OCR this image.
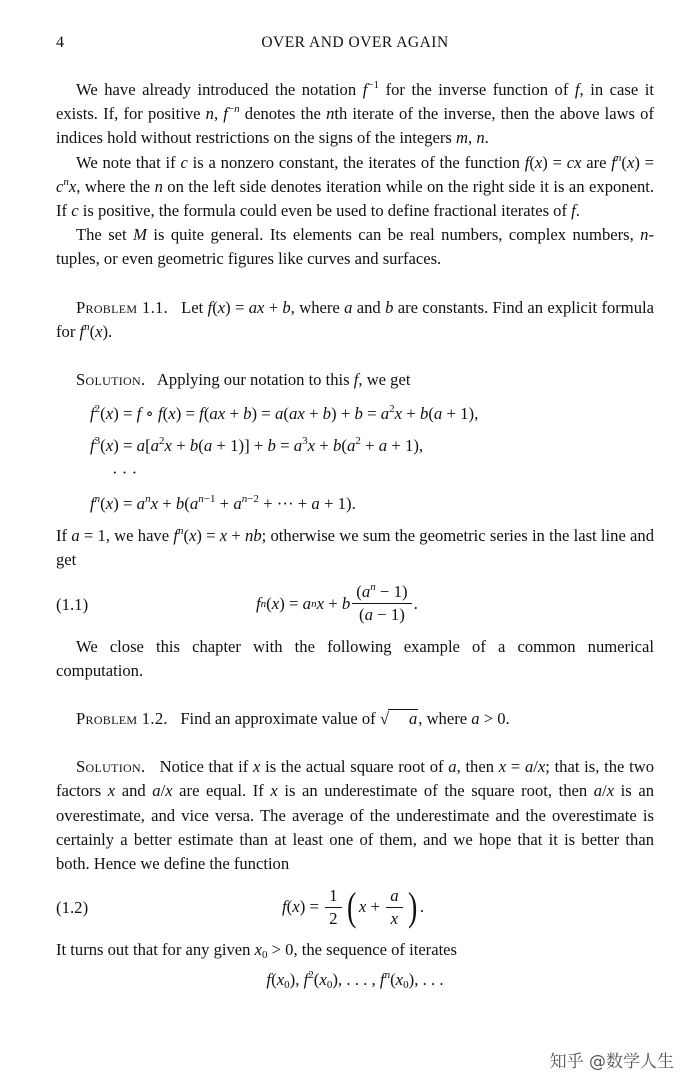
4	OVER AND OVER AGAIN

We have already introduced the notation $f^{-1}$ for the inverse function of f, in case it exists. If, for positive n, $f^{-n}$ denotes the nth iterate of the inverse, then the above laws of indices hold without restrictions on the signs of the integers m, n.

We note that if c is a nonzero constant, the iterates of the function f(x) = cx are $f^n(x) = c^nx$, where the n on the left side denotes iteration while on the right side it is an exponent. If c is positive, the formula could even be used to define fractional iterates of f.

The set M is quite general. Its elements can be real numbers, complex numbers, n-tuples, or even geometric figures like curves and surfaces.

Problem 1.1.   Let f(x) = ax + b, where a and b are constants. Find an explicit formula for $f^n(x)$.

Solution.   Applying our notation to this f, we get

$f^2(x) = f$ ∘ $f(x) = f(ax + b) = a(ax + b) + b = a^2x + b(a + 1)$,
$f^3(x) = a[a^2x + b(a + 1)] + b = a^3x + b(a^2 + a + 1)$,
· · ·
$f^n(x) = a^nx + b(a^{n-1} + a^{n-2}$ + ··· + a + 1).

If a = 1, we have $f^n(x) = x$ + nb; otherwise we sum the geometric series in the last line and get

(1.1)	f n ( x ) = a n x + b $\frac{(a^n - 1)}{(a - 1)}$ .

We close this chapter with the following example of a common numerical computation.

Problem 1.2.   Find an approximate value of √ a, where a > 0.

Solution.   Notice that if x is the actual square root of a, then x = a/x; that is, the two factors x and a/x are equal. If x is an underestimate of the square root, then a/x is an overestimate, and vice versa. The average of the underestimate and the overestimate is certainly a better estimate than at least one of them, and we hope that it is better than both. Hence we define the function

(1.2)	f ( x ) = $\frac{1}{2}$ ( $x + \frac{a}{x}$ ) .

It turns out that for any given $x_0 > 0$, the sequence of iterates

$f(x_0)$, $f^2(x_0)$, . . . , $f^n(x_0)$, . . .
知乎 @数学人生
